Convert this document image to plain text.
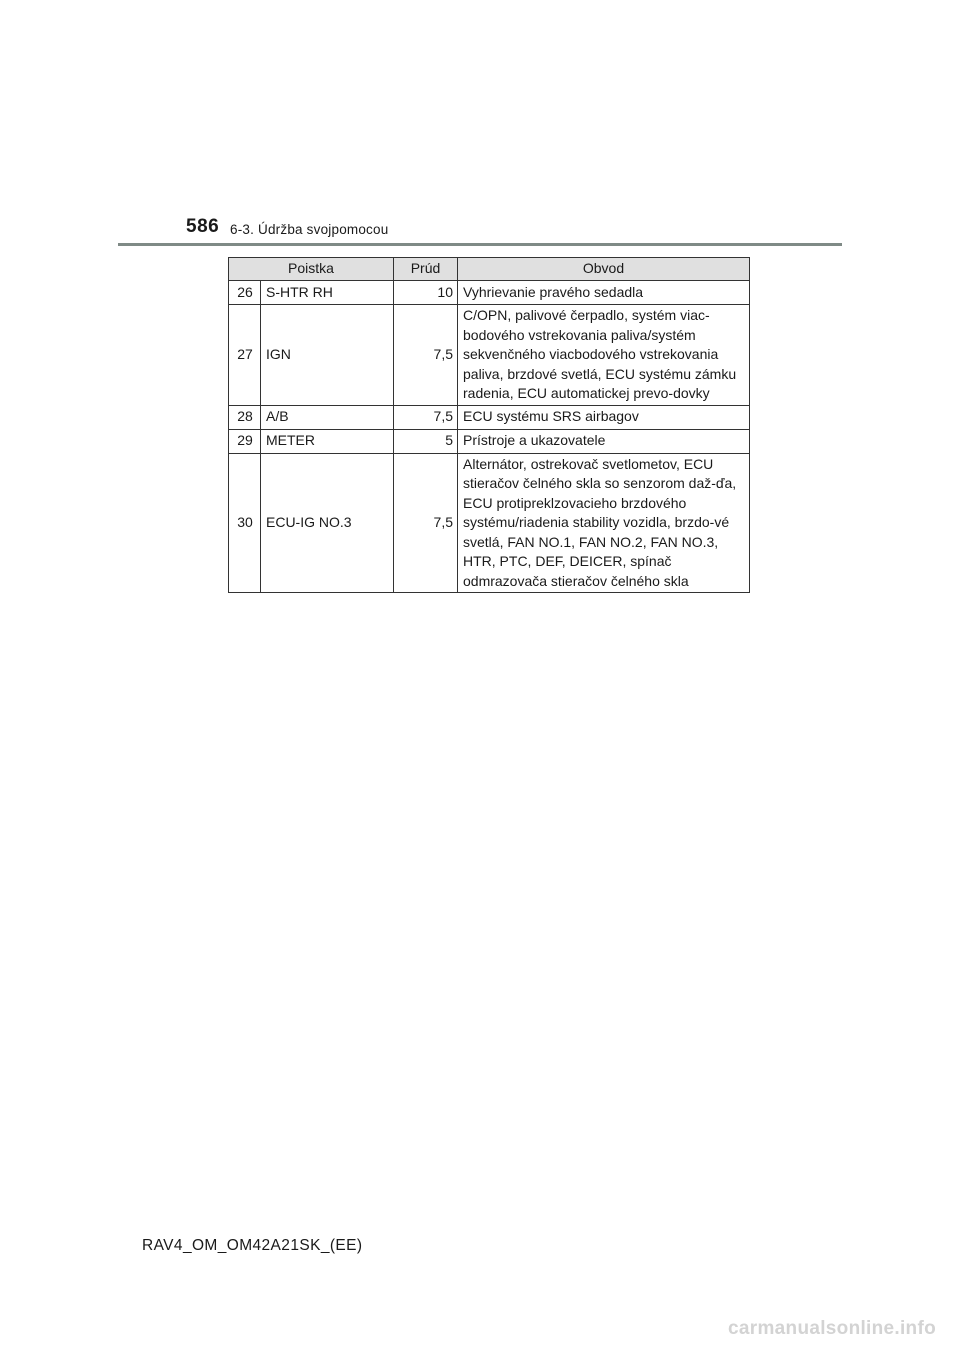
586 6-3. Údržba svojpomocou
Poistka		Prúd	Obvod
26	S-HTR RH	10	Vyhrievanie pravého sedadla
27	IGN	7,5	C/OPN, palivové čerpadlo, systém viac-bodového vstrekovania paliva/systém sekvenčného viacbodového vstrekovania paliva, brzdové svetlá, ECU systému zámku radenia, ECU automatickej prevo-dovky
28	A/B	7,5	ECU systému SRS airbagov
29	METER	5	Prístroje a ukazovatele
30	ECU-IG NO.3	7,5	Alternátor, ostrekovač svetlometov, ECU stieračov čelného skla so senzorom daž-ďa, ECU protipreklzovacieho brzdového systému/riadenia stability vozidla, brzdo-vé svetlá, FAN NO.1, FAN NO.2, FAN NO.3, HTR, PTC, DEF, DEICER, spínač odmrazovača stieračov čelného skla
RAV4_OM_OM42A21SK_(EE)
carmanualsonline.info
